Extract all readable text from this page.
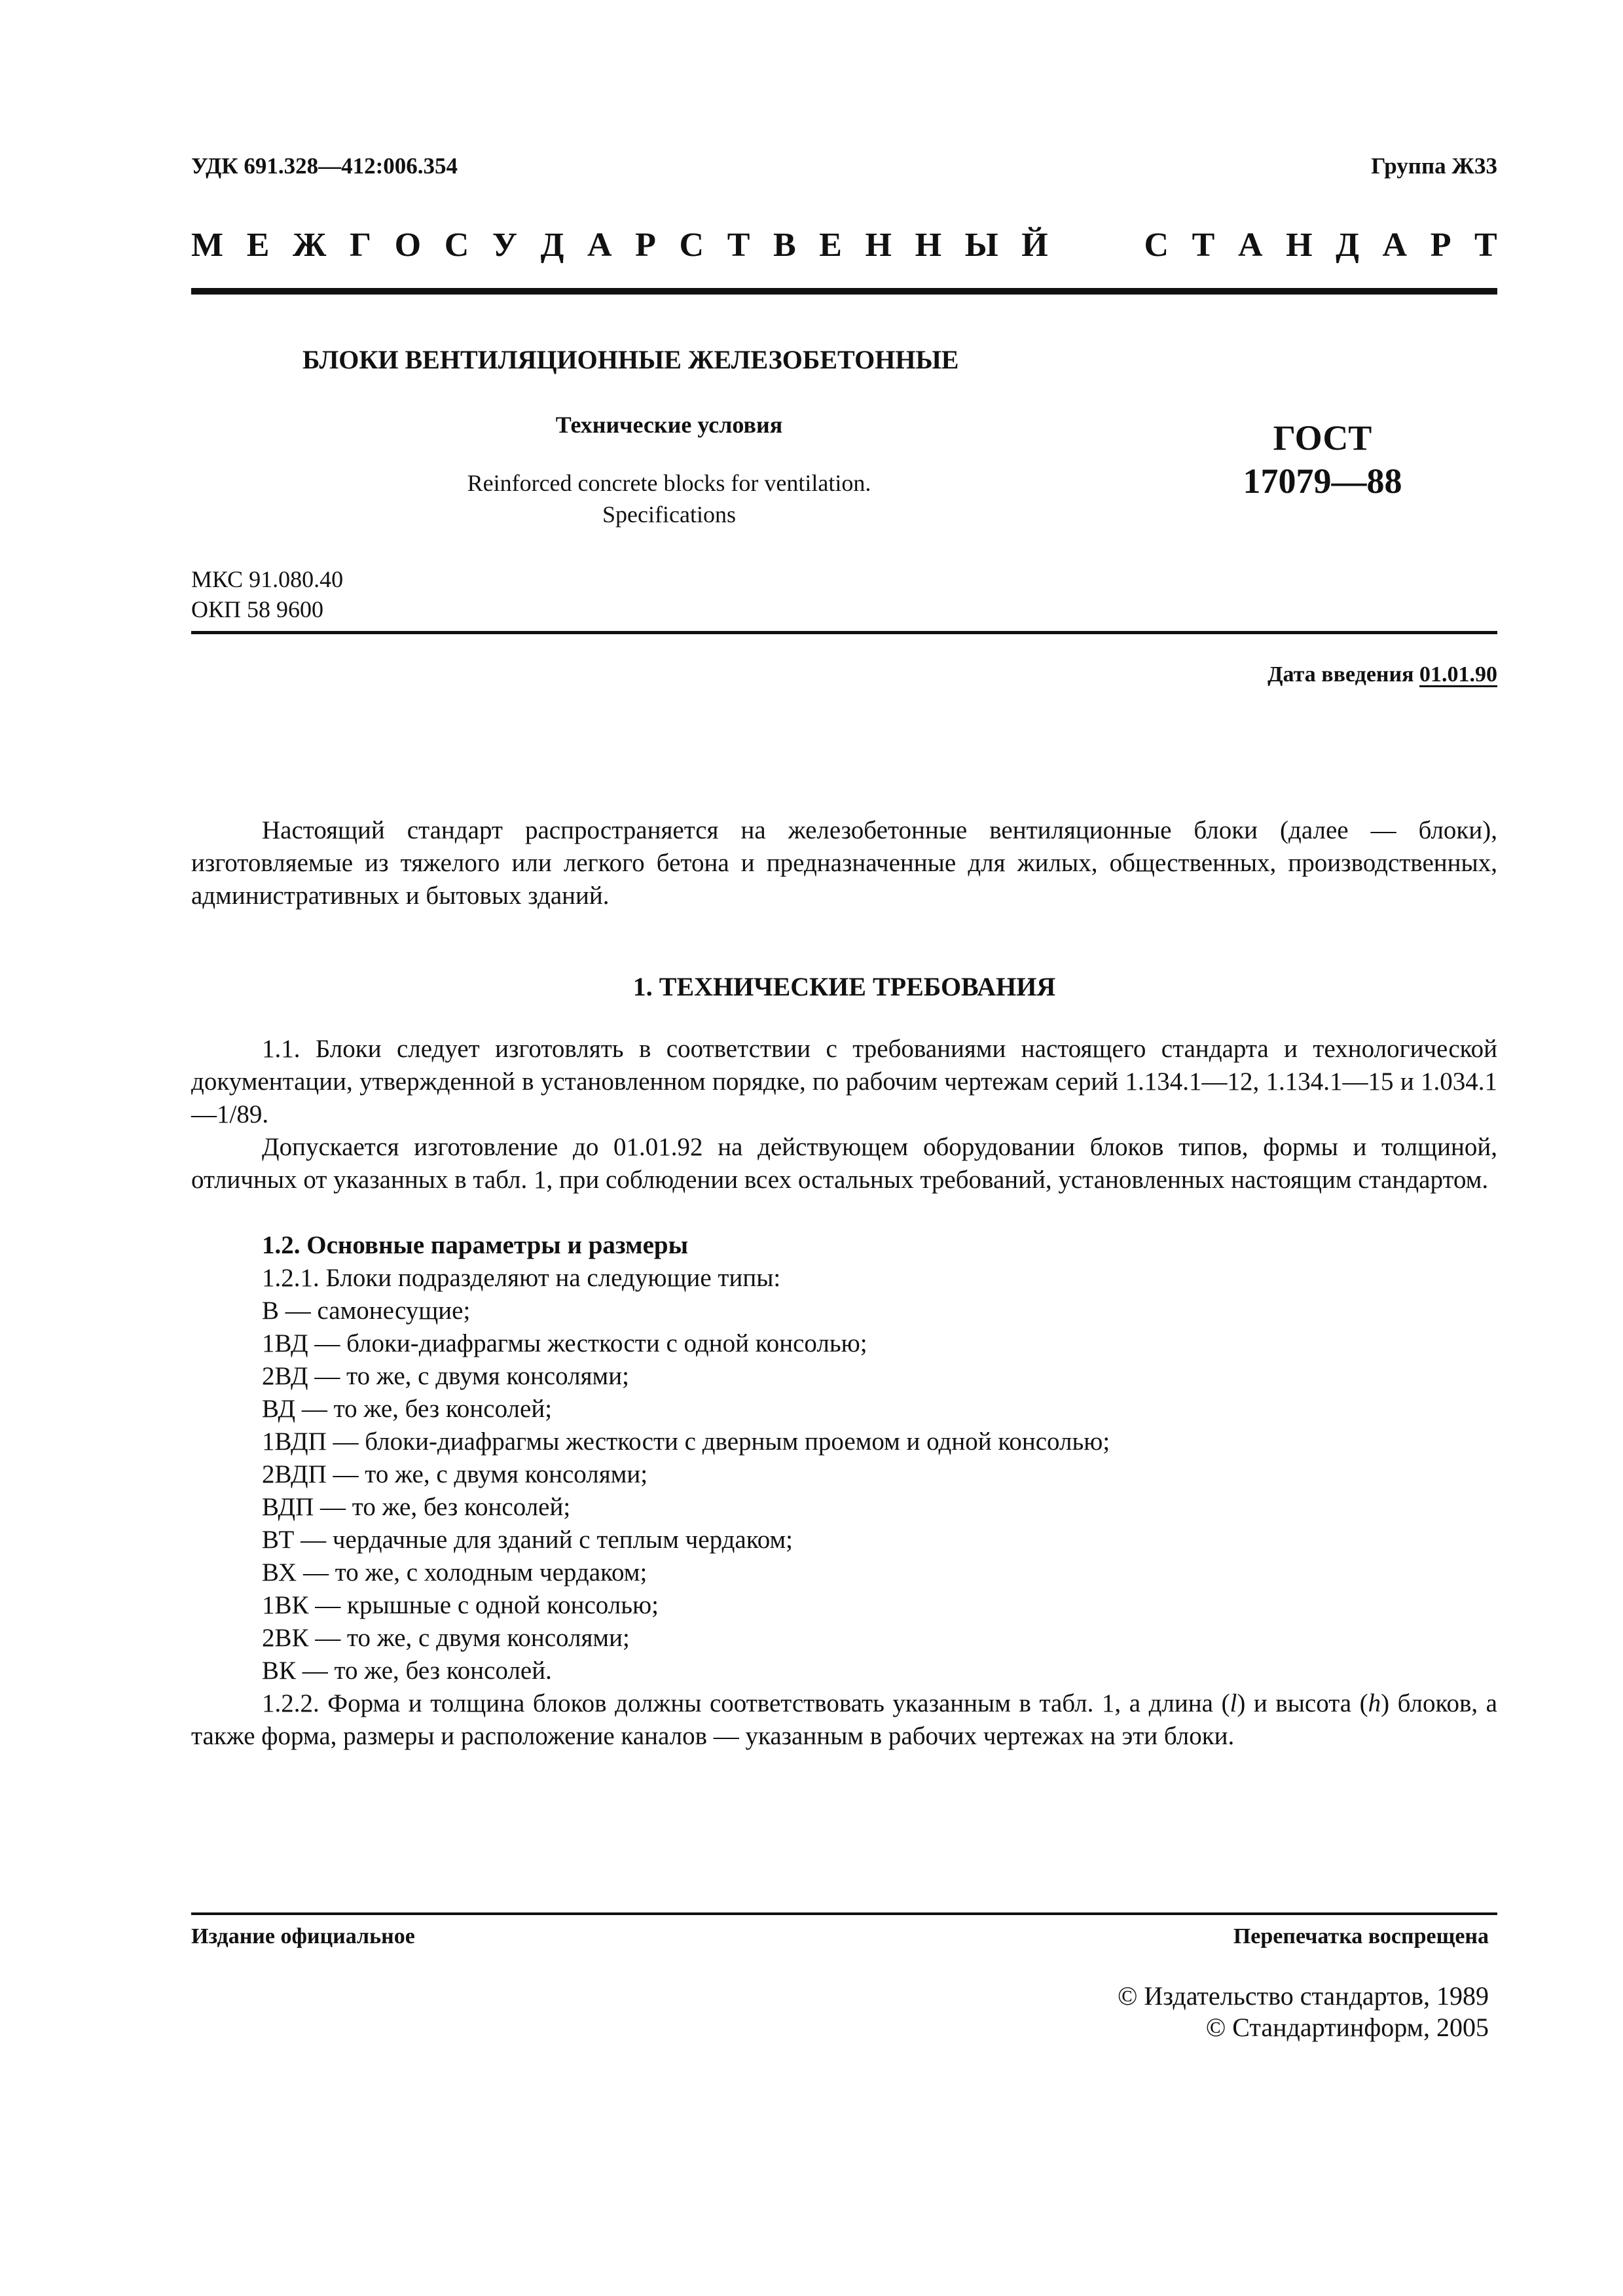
УДК 691.328—412:006.354	Группа Ж33
М Е Ж Г О С У Д А Р С Т В Е Н Н Ы Й	С Т А Н Д А Р Т
БЛОКИ ВЕНТИЛЯЦИОННЫЕ ЖЕЛЕЗОБЕТОННЫЕ
Технические условия
Reinforced concrete blocks for ventilation.
Specifications
ГОСТ
17079—88
МКС 91.080.40
ОКП 58 9600
Дата введения 01.01.90
Настоящий стандарт распространяется на железобетонные вентиляционные блоки (далее — блоки), изготовляемые из тяжелого или легкого бетона и предназначенные для жилых, общественных, производственных, административных и бытовых зданий.
1. ТЕХНИЧЕСКИЕ ТРЕБОВАНИЯ
1.1. Блоки следует изготовлять в соответствии с требованиями настоящего стандарта и технологической документации, утвержденной в установленном порядке, по рабочим чертежам серий 1.134.1—12, 1.134.1—15 и 1.034.1—1/89.
Допускается изготовление до 01.01.92 на действующем оборудовании блоков типов, формы и толщиной, отличных от указанных в табл. 1, при соблюдении всех остальных требований, установленных настоящим стандартом.
1.2. Основные параметры и размеры
1.2.1. Блоки подразделяют на следующие типы:
В — самонесущие;
1ВД — блоки-диафрагмы жесткости с одной консолью;
2ВД — то же, с двумя консолями;
ВД — то же, без консолей;
1ВДП — блоки-диафрагмы жесткости с дверным проемом и одной консолью;
2ВДП — то же, с двумя консолями;
ВДП — то же, без консолей;
ВТ — чердачные для зданий с теплым чердаком;
ВХ — то же, с холодным чердаком;
1ВК — крышные с одной консолью;
2ВК — то же, с двумя консолями;
ВК — то же, без консолей.
1.2.2. Форма и толщина блоков должны соответствовать указанным в табл. 1, а длина (l) и высота (h) блоков, а также форма, размеры и расположение каналов — указанным в рабочих чертежах на эти блоки.
Издание официальное	Перепечатка воспрещена
© Издательство стандартов, 1989
© Стандартинформ, 2005
